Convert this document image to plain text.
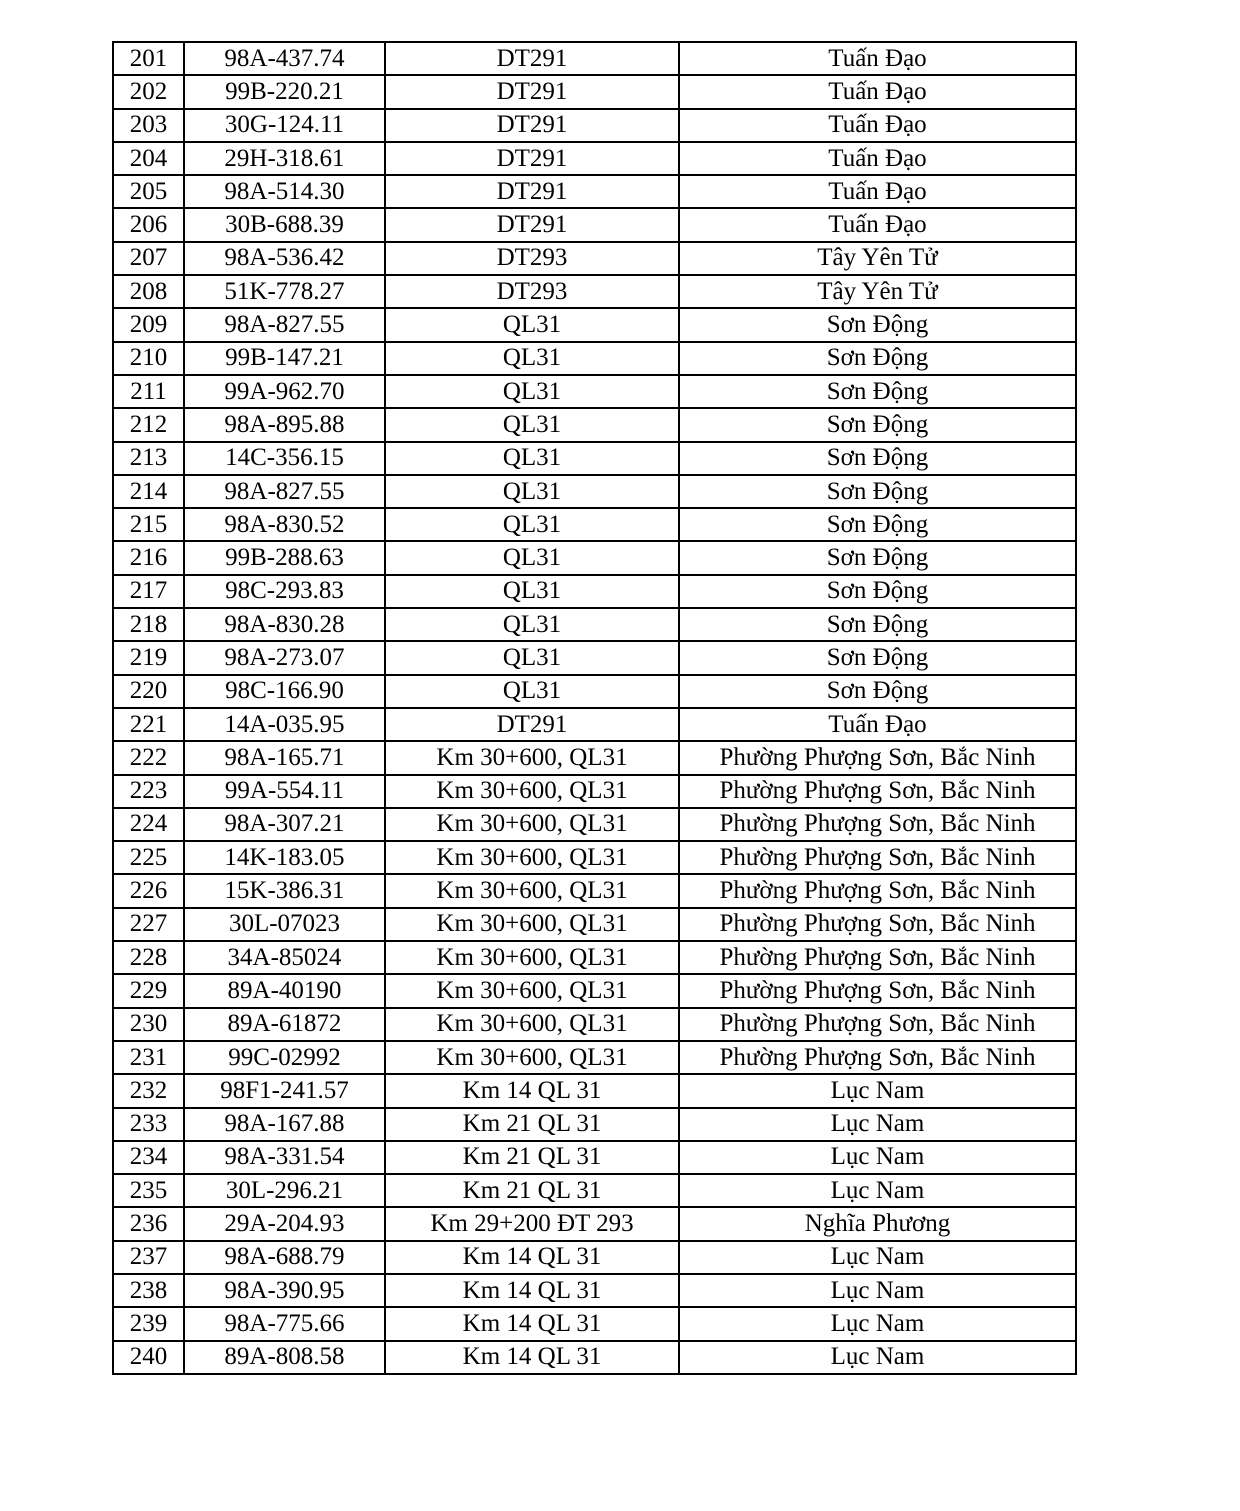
201	98A-437.74	DT291	Tuấn Đạo
202	99B-220.21	DT291	Tuấn Đạo
203	30G-124.11	DT291	Tuấn Đạo
204	29H-318.61	DT291	Tuấn Đạo
205	98A-514.30	DT291	Tuấn Đạo
206	30B-688.39	DT291	Tuấn Đạo
207	98A-536.42	DT293	Tây Yên Tử
208	51K-778.27	DT293	Tây Yên Tử
209	98A-827.55	QL31	Sơn Động
210	99B-147.21	QL31	Sơn Động
211	99A-962.70	QL31	Sơn Động
212	98A-895.88	QL31	Sơn Động
213	14C-356.15	QL31	Sơn Động
214	98A-827.55	QL31	Sơn Động
215	98A-830.52	QL31	Sơn Động
216	99B-288.63	QL31	Sơn Động
217	98C-293.83	QL31	Sơn Động
218	98A-830.28	QL31	Sơn Động
219	98A-273.07	QL31	Sơn Động
220	98C-166.90	QL31	Sơn Động
221	14A-035.95	DT291	Tuấn Đạo
222	98A-165.71	Km 30+600, QL31	Phường Phượng Sơn, Bắc Ninh
223	99A-554.11	Km 30+600, QL31	Phường Phượng Sơn, Bắc Ninh
224	98A-307.21	Km 30+600, QL31	Phường Phượng Sơn, Bắc Ninh
225	14K-183.05	Km 30+600, QL31	Phường Phượng Sơn, Bắc Ninh
226	15K-386.31	Km 30+600, QL31	Phường Phượng Sơn, Bắc Ninh
227	30L-07023	Km 30+600, QL31	Phường Phượng Sơn, Bắc Ninh
228	34A-85024	Km 30+600, QL31	Phường Phượng Sơn, Bắc Ninh
229	89A-40190	Km 30+600, QL31	Phường Phượng Sơn, Bắc Ninh
230	89A-61872	Km 30+600, QL31	Phường Phượng Sơn, Bắc Ninh
231	99C-02992	Km 30+600, QL31	Phường Phượng Sơn, Bắc Ninh
232	98F1-241.57	Km 14 QL 31	Lục Nam
233	98A-167.88	Km 21 QL 31	Lục Nam
234	98A-331.54	Km 21 QL 31	Lục Nam
235	30L-296.21	Km 21 QL 31	Lục Nam
236	29A-204.93	Km 29+200 ĐT 293	Nghĩa Phương
237	98A-688.79	Km 14 QL 31	Lục Nam
238	98A-390.95	Km 14 QL 31	Lục Nam
239	98A-775.66	Km 14 QL 31	Lục Nam
240	89A-808.58	Km 14 QL 31	Lục Nam
